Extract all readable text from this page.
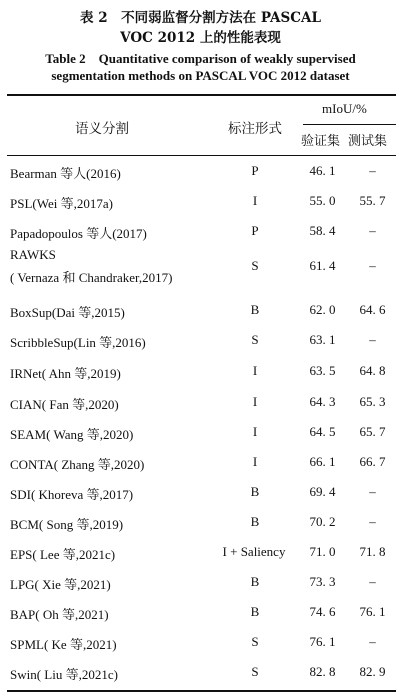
表 2　不同弱监督分割方法在 PASCAL
VOC 2012 上的性能表现
Table 2　Quantitative comparison of weakly supervised
segmentation methods on PASCAL VOC 2012 dataset
语义分割	标注形式
mIoU/%
验证集 测试集
Bearman 等人(2016)	P	46. 1	–
PSL(Wei 等,2017a)	I	55. 0	55. 7
Papadopoulos 等人(2017)	P	58. 4	–
RAWKS
( Vernaza 和 Chandraker,2017)
S	61. 4	–
BoxSup(Dai 等,2015)	B	62. 0	64. 6
ScribbleSup(Lin 等,2016)	S	63. 1	–
IRNet( Ahn 等,2019)	I	63. 5	64. 8
CIAN( Fan 等,2020)	I	64. 3	65. 3
SEAM( Wang 等,2020)	I	64. 5	65. 7
CONTA( Zhang 等,2020)	I	66. 1	66. 7
SDI( Khoreva 等,2017)	B	69. 4	–
BCM( Song 等,2019)	B	70. 2	–
EPS( Lee 等,2021c)	I + Saliency	71. 0	71. 8
LPG( Xie 等,2021)	B	73. 3	–
BAP( Oh 等,2021)	B	74. 6	76. 1
SPML( Ke 等,2021)	S	76. 1	–
Swin( Liu 等,2021c)	S	82. 8	82. 9
